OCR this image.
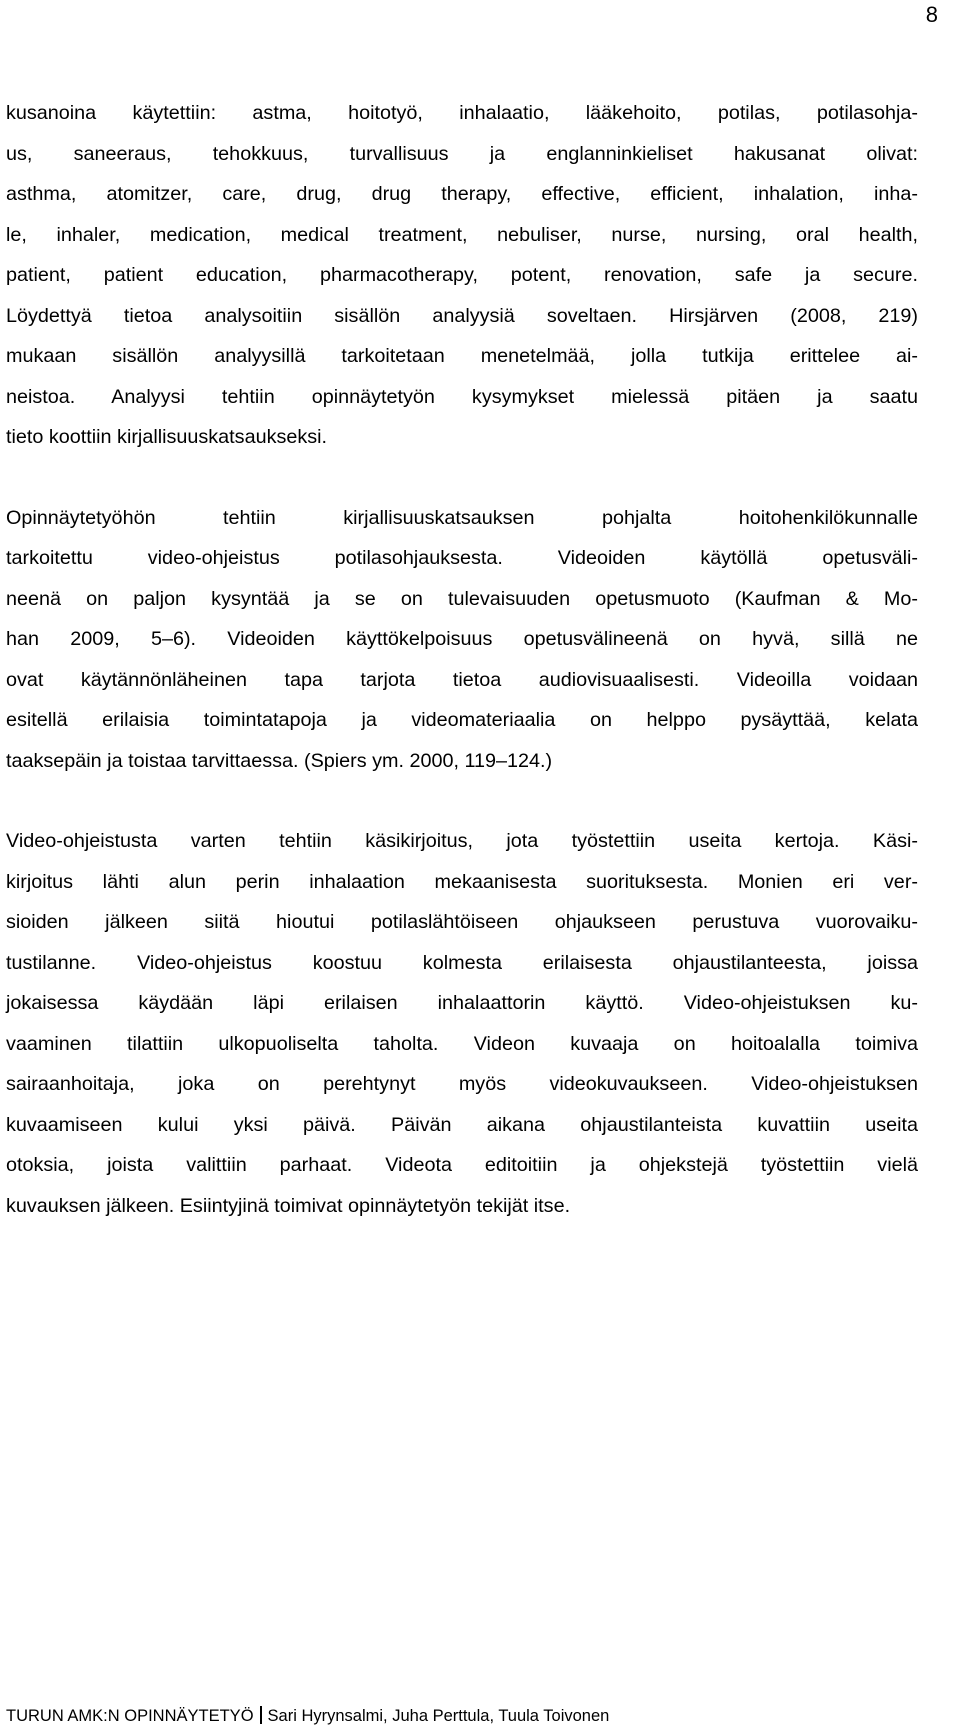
8

kusanoina käytettiin: astma, hoitotyö, inhalaatio, lääkehoito, potilas, potilasohja-
us, saneeraus, tehokkuus, turvallisuus ja englanninkieliset hakusanat olivat:
asthma, atomitzer, care, drug, drug therapy, effective, efficient, inhalation, inha-
le, inhaler, medication, medical treatment, nebuliser, nurse, nursing, oral health,
patient, patient education, pharmacotherapy, potent, renovation, safe ja secure.
Löydettyä tietoa analysoitiin sisällön analyysiä soveltaen. Hirsjärven (2008, 219)
mukaan sisällön analyysillä tarkoitetaan menetelmää, jolla tutkija erittelee ai-
neistoa. Analyysi tehtiin opinnäytetyön kysymykset mielessä pitäen ja saatu
tieto koottiin kirjallisuuskatsaukseksi.

Opinnäytetyöhön tehtiin kirjallisuuskatsauksen pohjalta hoitohenkilökunnalle
tarkoitettu video-ohjeistus potilasohjauksesta. Videoiden käytöllä opetusväli-
neenä on paljon kysyntää ja se on tulevaisuuden opetusmuoto (Kaufman & Mo-
han 2009, 5–6). Videoiden käyttökelpoisuus opetusvälineenä on hyvä, sillä ne
ovat käytännönläheinen tapa tarjota tietoa audiovisuaalisesti. Videoilla voidaan
esitellä erilaisia toimintatapoja ja videomateriaalia on helppo pysäyttää, kelata
taaksepäin ja toistaa tarvittaessa. (Spiers ym. 2000, 119–124.)

Video-ohjeistusta varten tehtiin käsikirjoitus, jota työstettiin useita kertoja. Käsi-
kirjoitus lähti alun perin inhalaation mekaanisesta suorituksesta. Monien eri ver-
sioiden jälkeen siitä hioutui potilaslähtöiseen ohjaukseen perustuva vuorovaiku-
tustilanne. Video-ohjeistus koostuu kolmesta erilaisesta ohjaustilanteesta, joissa
jokaisessa käydään läpi erilaisen inhalaattorin käyttö. Video-ohjeistuksen ku-
vaaminen tilattiin ulkopuoliselta taholta. Videon kuvaaja on hoitoalalla toimiva
sairaanhoitaja, joka on perehtynyt myös videokuvaukseen. Video-ohjeistuksen
kuvaamiseen kului yksi päivä. Päivän aikana ohjaustilanteista kuvattiin useita
otoksia, joista valittiin parhaat. Videota editoitiin ja ohjekstejä työstettiin vielä
kuvauksen jälkeen. Esiintyjinä toimivat opinnäytetyön tekijät itse.

TURUN AMK:N OPINNÄYTETYÖ Sari Hyrynsalmi, Juha Perttula, Tuula Toivonen
